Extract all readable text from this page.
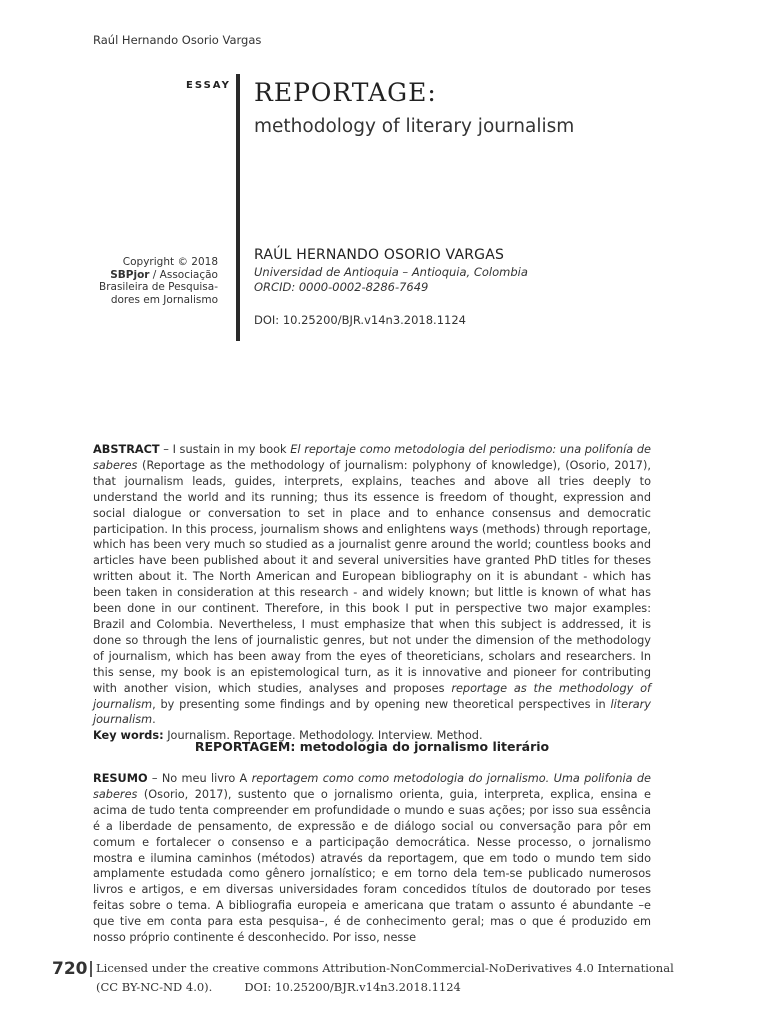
Raúl Hernando Osorio Vargas
ESSAY REPORTAGE:
methodology of literary journalism
Copyright © 2018
SBPjor / Associação
Brasileira de Pesquisa-
dores em Jornalismo
RAÚL HERNANDO OSORIO VARGAS
Universidad de Antioquia – Antioquia, Colombia
ORCID: 0000-0002-8286-7649
DOI: 10.25200/BJR.v14n3.2018.1124
ABSTRACT – I sustain in my book El reportaje como metodologia del periodismo: una polifonía de saberes (Reportage as the methodology of journalism: polyphony of knowledge), (Osorio, 2017), that journalism leads, guides, interprets, explains, teaches and above all tries deeply to understand the world and its running; thus its essence is freedom of thought, expression and social dialogue or conversation to set in place and to enhance consensus and democratic participation. In this process, journalism shows and enlightens ways (methods) through reportage, which has been very much so studied as a journalist genre around the world; countless books and articles have been published about it and several universities have granted PhD titles for theses written about it. The North American and European bibliography on it is abundant - which has been taken in consideration at this research - and widely known; but little is known of what has been done in our continent. Therefore, in this book I put in perspective two major examples: Brazil and Colombia. Nevertheless, I must emphasize that when this subject is addressed, it is done so through the lens of journalistic genres, but not under the dimension of the methodology of journalism, which has been away from the eyes of theoreticians, scholars and researchers. In this sense, my book is an epistemological turn, as it is innovative and pioneer for contributing with another vision, which studies, analyses and proposes reportage as the methodology of journalism, by presenting some findings and by opening new theoretical perspectives in literary journalism.
Key words: Journalism. Reportage. Methodology. Interview. Method.
REPORTAGEM: metodologia do jornalismo literário
RESUMO – No meu livro A reportagem como como metodologia do jornalismo. Uma polifonia de saberes (Osorio, 2017), sustento que o jornalismo orienta, guia, interpreta, explica, ensina e acima de tudo tenta compreender em profundidade o mundo e suas ações; por isso sua essência é a liberdade de pensamento, de expressão e de diálogo social ou conversação para pôr em comum e fortalecer o consenso e a participação democrática. Nesse processo, o jornalismo mostra e ilumina caminhos (métodos) através da reportagem, que em todo o mundo tem sido amplamente estudada como gênero jornalístico; e em torno dela tem-se publicado numerosos livros e artigos, e em diversas universidades foram concedidos títulos de doutorado por teses feitas sobre o tema. A bibliografia europeia e americana que tratam o assunto é abundante –e que tive em conta para esta pesquisa–, é de conhecimento geral; mas o que é produzido em nosso próprio continente é desconhecido. Por isso, nesse
720 Licensed under the creative commons Attribution-NonCommercial-NoDerivatives 4.0 International
(CC BY-NC-ND 4.0).	DOI: 10.25200/BJR.v14n3.2018.1124
